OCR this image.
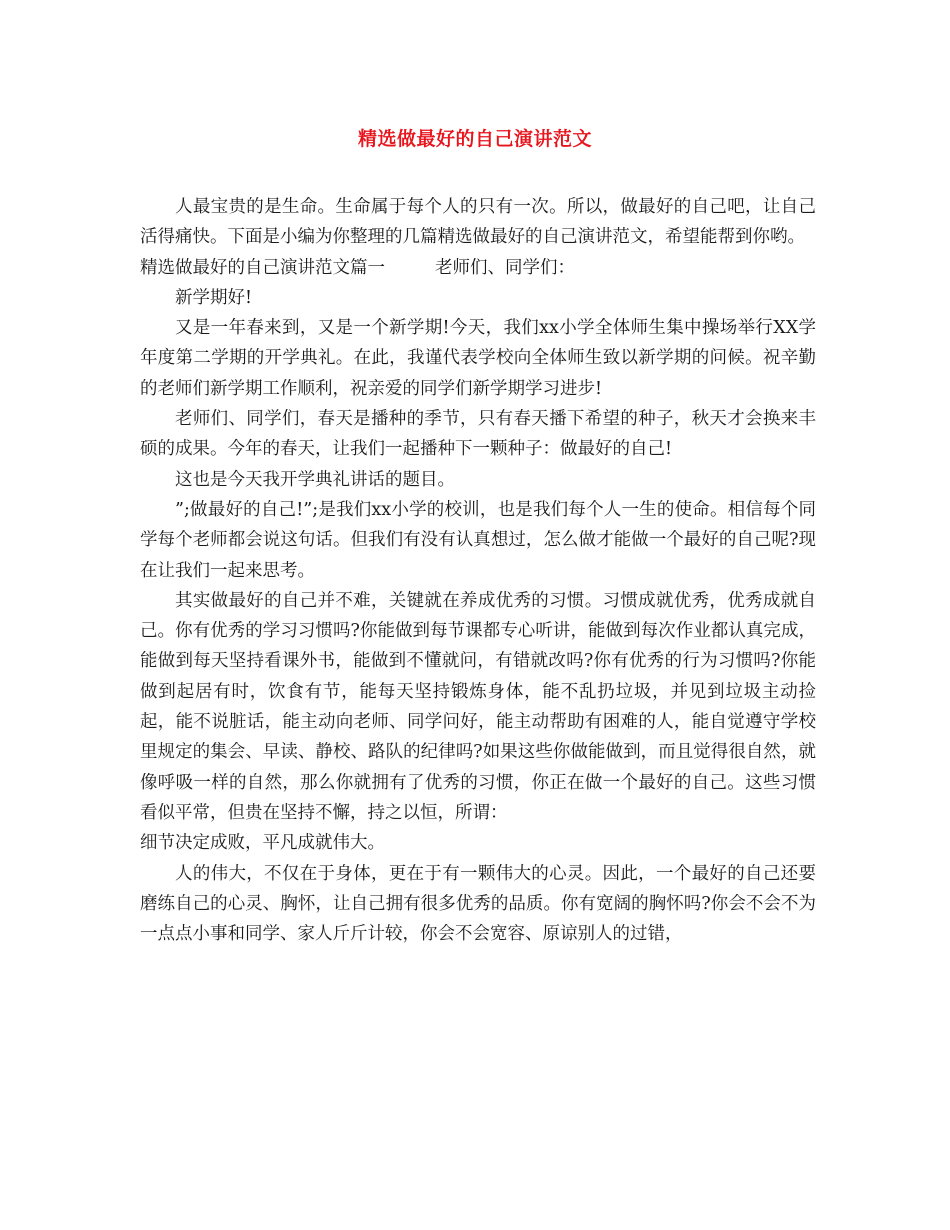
精选做最好的自己演讲范文

人最宝贵的是生命。生命属于每个人的只有一次。所以，做最好的自己吧，让自己活得痛快。下面是小编为你整理的几篇精选做最好的自己演讲范文，希望能帮到你哟。

精选做最好的自己演讲范文篇一	老师们、同学们：

新学期好!

又是一年春来到，又是一个新学期!今天，我们xx小学全体师生集中操场举行XX学年度第二学期的开学典礼。在此，我谨代表学校向全体师生致以新学期的问候。祝辛勤的老师们新学期工作顺利，祝亲爱的同学们新学期学习进步!

老师们、同学们，春天是播种的季节，只有春天播下希望的种子，秋天才会换来丰硕的成果。今年的春天，让我们一起播种下一颗种子：做最好的自己!

这也是今天我开学典礼讲话的题目。

”;做最好的自己!”;是我们xx小学的校训，也是我们每个人一生的使命。相信每个同学每个老师都会说这句话。但我们有没有认真想过，怎么做才能做一个最好的自己呢?现在让我们一起来思考。

其实做最好的自己并不难，关键就在养成优秀的习惯。习惯成就优秀，优秀成就自己。你有优秀的学习习惯吗?你能做到每节课都专心听讲，能做到每次作业都认真完成，能做到每天坚持看课外书，能做到不懂就问，有错就改吗?你有优秀的行为习惯吗?你能做到起居有时，饮食有节，能每天坚持锻炼身体，能不乱扔垃圾，并见到垃圾主动捡起，能不说脏话，能主动向老师、同学问好，能主动帮助有困难的人，能自觉遵守学校里规定的集会、早读、静校、路队的纪律吗?如果这些你做能做到，而且觉得很自然，就像呼吸一样的自然，那么你就拥有了优秀的习惯，你正在做一个最好的自己。这些习惯看似平常，但贵在坚持不懈，持之以恒，所谓：

细节决定成败，平凡成就伟大。

人的伟大，不仅在于身体，更在于有一颗伟大的心灵。因此，一个最好的自己还要磨练自己的心灵、胸怀，让自己拥有很多优秀的品质。你有宽阔的胸怀吗?你会不会不为一点点小事和同学、家人斤斤计较，你会不会宽容、原谅别人的过错，
